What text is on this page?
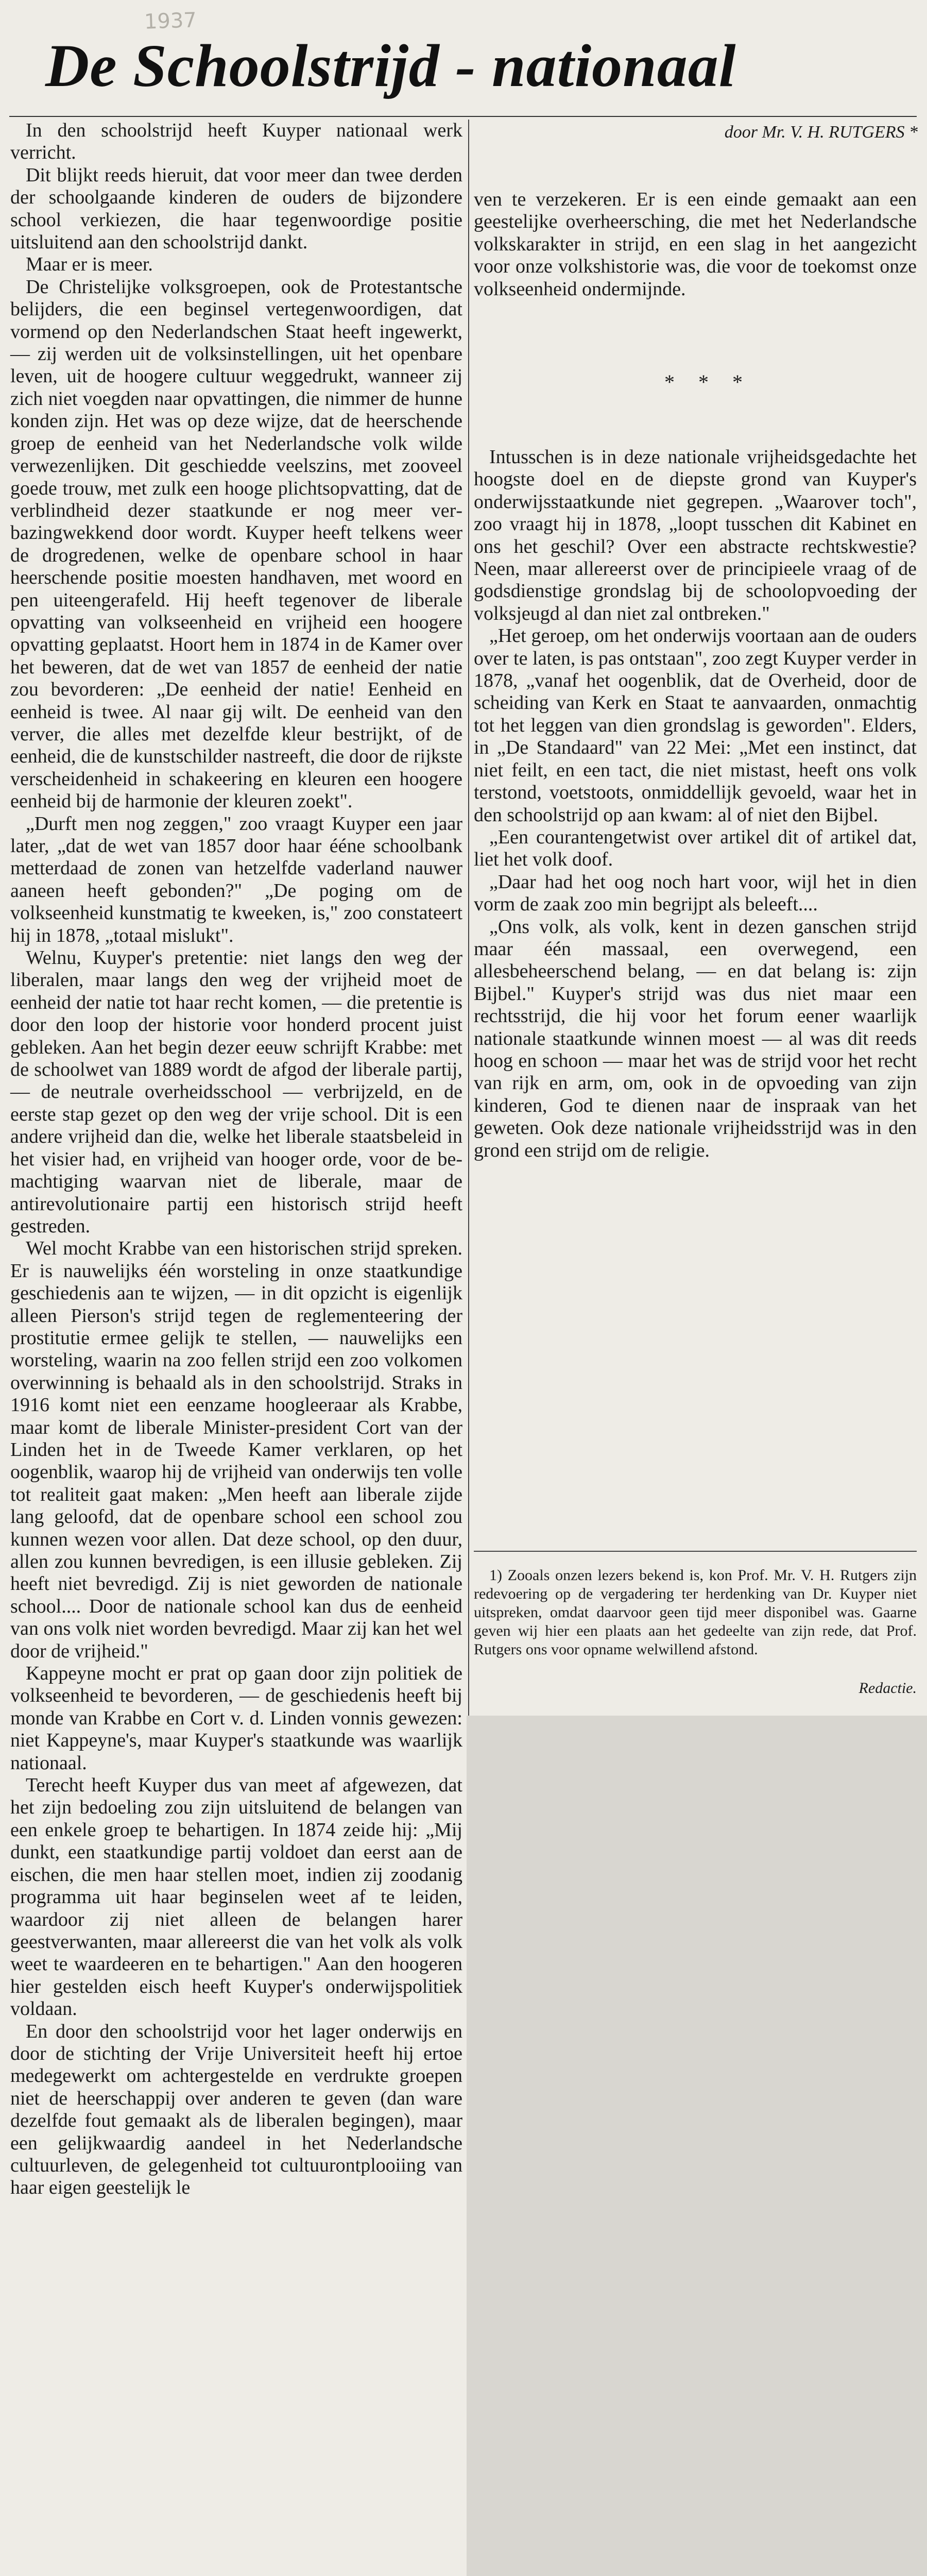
1937
De Schoolstrijd - nationaal
door Mr. V. H. RUTGERS *

In den schoolstrijd heeft Kuyper nationaal werk verricht.

Dit blijkt reeds hieruit, dat voor meer dan twee derden der schoolgaande kinderen de ouders de bijzondere school verkiezen, die haar tegenwoordige positie uitsluitend aan den schoolstrijd dankt.

Maar er is meer.

De Christelijke volksgroepen, ook de Protestantsche belijders, die een beginsel vertegenwoordigen, dat vormend op den Nederlandschen Staat heeft ingewerkt, — zij werden uit de volksinstellingen, uit het openbare leven, uit de hoogere cultuur weggedrukt, wanneer zij zich niet voegden naar opvattingen, die nimmer de hunne konden zijn. Het was op deze wijze, dat de heerschende groep de eenheid van het Nederlandsche volk wilde verwezenlijken. Dit geschiedde veelszins, met zooveel goede trouw, met zulk een hooge plichtsopvatting, dat de verblindheid dezer staatkunde er nog meer verbazingwekkend door wordt. Kuyper heeft telkens weer de drogredenen, welke de openbare school in haar heerschende positie moesten handhaven, met woord en pen uiteengerafeld. Hij heeft tegenover de liberale opvatting van volkseenheid en vrijheid een hoogere opvatting geplaatst. Hoort hem in 1874 in de Kamer over het beweren, dat de wet van 1857 de eenheid der natie zou bevorderen: „De eenheid der natie! Eenheid en eenheid is twee. Al naar gij wilt. De eenheid van den verver, die alles met dezelfde kleur bestrijkt, of de eenheid, die de kunstschilder nastreeft, die door de rijkste verscheidenheid in schakeering en kleuren een hoogere eenheid bij de harmonie der kleuren zoekt".

„Durft men nog zeggen," zoo vraagt Kuyper een jaar later, „dat de wet van 1857 door haar ééne schoolbank metterdaad de zonen van hetzelfde vaderland nauwer aaneen heeft gebonden?" „De poging om de volkseenheid kunstmatig te kweeken, is," zoo constateert hij in 1878, „totaal mislukt".

Welnu, Kuyper's pretentie: niet langs den weg der liberalen, maar langs den weg der vrijheid moet de eenheid der natie tot haar recht komen, — die pretentie is door den loop der historie voor honderd procent juist gebleken. Aan het begin dezer eeuw schrijft Krabbe: met de schoolwet van 1889 wordt de afgod der liberale partij, — de neutrale overheidsschool — verbrijzeld, en de eerste stap gezet op den weg der vrije school. Dit is een andere vrijheid dan die, welke het liberale staatsbeleid in het visier had, en vrijheid van hooger orde, voor de bemachtiging waarvan niet de liberale, maar de antirevolutionaire partij een historisch strijd heeft gestreden.

Wel mocht Krabbe van een historischen strijd spreken. Er is nauwelijks één worsteling in onze staatkundige geschiedenis aan te wijzen, — in dit opzicht is eigenlijk alleen Pierson's strijd tegen de reglementeering der prostitutie ermee gelijk te stellen, — nauwelijks een worsteling, waarin na zoo fellen strijd een zoo volkomen overwinning is behaald als in den schoolstrijd. Straks in 1916 komt niet een eenzame hoogleeraar als Krabbe, maar komt de liberale Minister-president Cort van der Linden het in de Tweede Kamer verklaren, op het oogenblik, waarop hij de vrijheid van onderwijs ten volle tot realiteit gaat maken: „Men heeft aan liberale zijde lang geloofd, dat de openbare school een school zou kunnen wezen voor allen. Dat deze school, op den duur, allen zou kunnen bevredigen, is een illusie gebleken. Zij heeft niet bevredigd. Zij is niet geworden de nationale school.... Door de nationale school kan dus de eenheid van ons volk niet worden bevredigd. Maar zij kan het wel door de vrijheid."

Kappeyne mocht er prat op gaan door zijn politiek de volkseenheid te bevorderen, — de geschiedenis heeft bij monde van Krabbe en Cort v. d. Linden vonnis gewezen: niet Kappeyne's, maar Kuyper's staatkunde was waarlijk nationaal.

Terecht heeft Kuyper dus van meet af afgewezen, dat het zijn bedoeling zou zijn uitsluitend de belangen van een enkele groep te behartigen. In 1874 zeide hij: „Mij dunkt, een staatkundige partij voldoet dan eerst aan de eischen, die men haar stellen moet, indien zij zoodanig programma uit haar beginselen weet af te leiden, waardoor zij niet alleen de belangen harer geestverwanten, maar allereerst die van het volk als volk weet te waardeeren en te behartigen." Aan den hoogeren hier gestelden eisch heeft Kuyper's onderwijspolitiek voldaan.

En door den schoolstrijd voor het lager onderwijs en door de stichting der Vrije Universiteit heeft hij ertoe medegewerkt om achtergestelde en verdrukte groepen niet de heerschappij over anderen te geven (dan ware dezelfde fout gemaakt als de liberalen begingen), maar een gelijkwaardig aandeel in het Nederlandsche cultuurleven, de gelegenheid tot cultuurontplooiing van haar eigen geestelijk le

ven te verzekeren. Er is een einde gemaakt aan een geestelijke overheersching, die met het Nederlandsche volkskarakter in strijd, en een slag in het aangezicht voor onze volkshistorie was, die voor de toekomst onze volkseenheid ondermijnde.

* * *

Intusschen is in deze nationale vrijheidsgedachte het hoogste doel en de diepste grond van Kuyper's onderwijsstaatkunde niet gegrepen. „Waarover toch", zoo vraagt hij in 1878, „loopt tusschen dit Kabinet en ons het geschil? Over een abstracte rechtskwestie? Neen, maar allereerst over de principieele vraag of de godsdienstige grondslag bij de schoolopvoeding der volksjeugd al dan niet zal ontbreken."

„Het geroep, om het onderwijs voortaan aan de ouders over te laten, is pas ontstaan", zoo zegt Kuyper verder in 1878, „vanaf het oogenblik, dat de Overheid, door de scheiding van Kerk en Staat te aanvaarden, onmachtig tot het leggen van dien grondslag is geworden". Elders, in „De Standaard" van 22 Mei: „Met een instinct, dat niet feilt, en een tact, die niet mistast, heeft ons volk terstond, voetstoots, onmiddellijk gevoeld, waar het in den schoolstrijd op aan kwam: al of niet den Bijbel.

„Een courantengetwist over artikel dit of artikel dat, liet het volk doof.

„Daar had het oog noch hart voor, wijl het in dien vorm de zaak zoo min begrijpt als beleeft....

„Ons volk, als volk, kent in dezen ganschen strijd maar één massaal, een overwegend, een allesbeheerschend belang, — en dat belang is: zijn Bijbel." Kuyper's strijd was dus niet maar een rechtsstrijd, die hij voor het forum eener waarlijk nationale staatkunde winnen moest — al was dit reeds hoog en schoon — maar het was de strijd voor het recht van rijk en arm, om, ook in de opvoeding van zijn kinderen, God te dienen naar de inspraak van het geweten. Ook deze nationale vrijheidsstrijd was in den grond een strijd om de religie.

1) Zooals onzen lezers bekend is, kon Prof. Mr. V. H. Rutgers zijn redevoering op de vergadering ter herdenking van Dr. Kuyper niet uitspreken, omdat daarvoor geen tijd meer disponibel was. Gaarne geven wij hier een plaats aan het gedeelte van zijn rede, dat Prof. Rutgers ons voor opname welwillend afstond.

Redactie.
